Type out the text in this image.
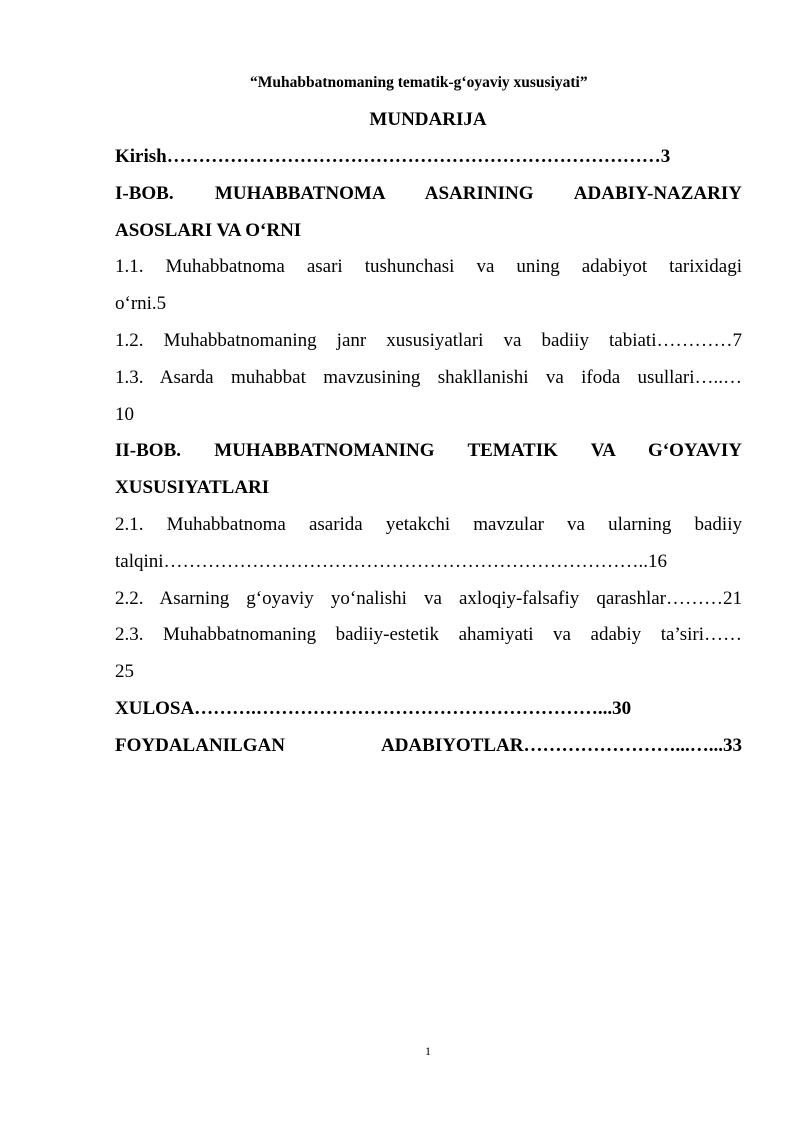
“Muhabbatnomaning tematik-g‘oyaviy xususiyati”
MUNDARIJA
Kirish……………………………………………………………………3
I-BOB. MUHABBATNOMA ASARINING ADABIY-NAZARIY
ASOSLARI VA O‘RNI
1.1. Muhabbatnoma asari tushunchasi va uning adabiyot tarixidagi
o‘rni.5
1.2. Muhabbatnomaning janr xususiyatlari va badiiy tabiati…………7
1.3. Asarda muhabbat mavzusining shakllanishi va ifoda usullari…..…
10
II-BOB. MUHABBATNOMANING TEMATIK VA G‘OYAVIY
XUSUSIYATLARI
2.1. Muhabbatnoma asarida yetakchi mavzular va ularning badiiy
talqini…………………………………………………………………..16
2.2. Asarning g‘oyaviy yo‘nalishi va axloqiy-falsafiy qarashlar………21
2.3. Muhabbatnomaning badiiy-estetik ahamiyati va adabiy ta’siri……
25
XULOSA……….………………………………………………...30
FOYDALANILGAN ADABIYOTLAR……………………...…...33
1
